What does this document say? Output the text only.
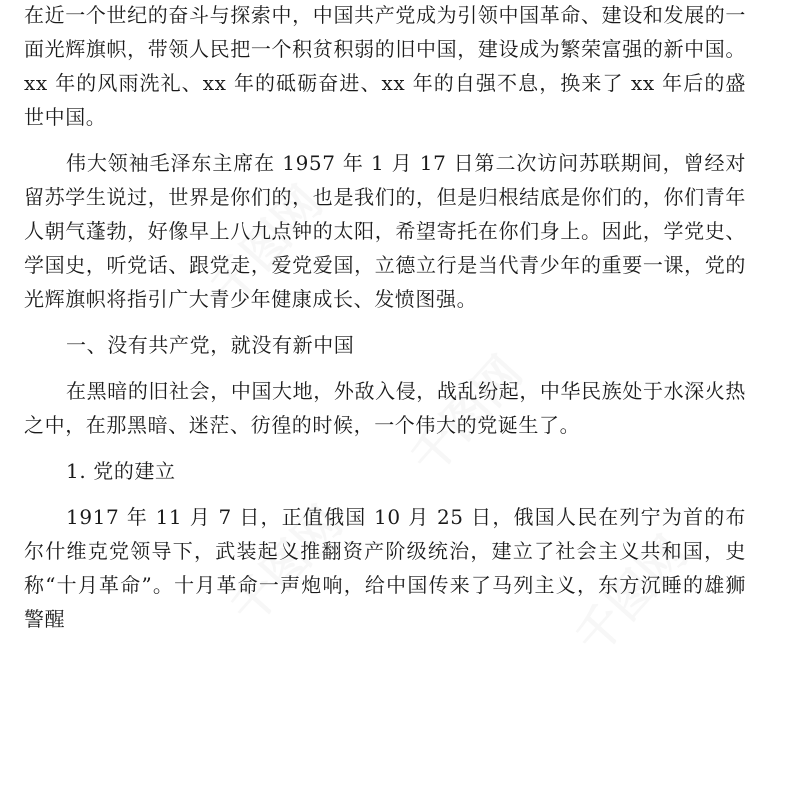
千图网
千图网
千图网	千图网

在近一个世纪的奋斗与探索中，中国共产党成为引领中国革命、建设和发展的一面光辉旗帜，带领人民把一个积贫积弱的旧中国，建设成为繁荣富强的新中国。xx 年的风雨洗礼、xx 年的砥砺奋进、xx 年的自强不息，换来了 xx 年后的盛世中国。

伟大领袖毛泽东主席在 1957 年 1 月 17 日第二次访问苏联期间，曾经对留苏学生说过，世界是你们的，也是我们的，但是归根结底是你们的，你们青年人朝气蓬勃，好像早上八九点钟的太阳，希望寄托在你们身上。因此，学党史、学国史，听党话、跟党走，爱党爱国，立德立行是当代青少年的重要一课，党的光辉旗帜将指引广大青少年健康成长、发愤图强。

一、没有共产党，就没有新中国

在黑暗的旧社会，中国大地，外敌入侵，战乱纷起，中华民族处于水深火热之中，在那黑暗、迷茫、彷徨的时候，一个伟大的党诞生了。

1. 党的建立

1917 年 11 月 7 日，正值俄国 10 月 25 日，俄国人民在列宁为首的布尔什维克党领导下，武装起义推翻资产阶级统治，建立了社会主义共和国，史称“十月革命”。十月革命一声炮响，给中国传来了马列主义，东方沉睡的雄狮警醒
